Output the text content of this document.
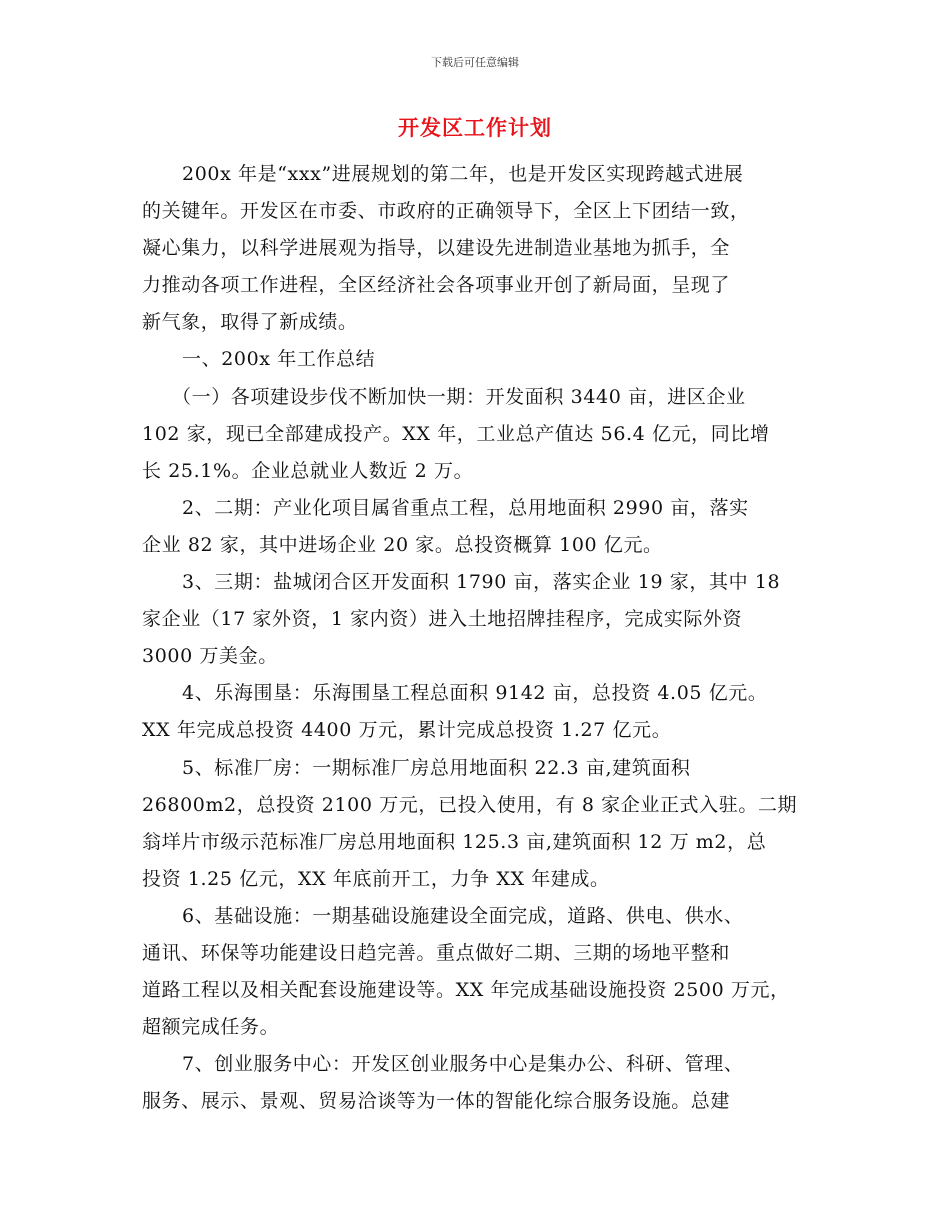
下载后可任意编辑
开发区工作计划
200x 年是“xxx”进展规划的第二年，也是开发区实现跨越式进展
的关键年。开发区在市委、市政府的正确领导下，全区上下团结一致，
凝心集力，以科学进展观为指导，以建设先进制造业基地为抓手，全
力推动各项工作进程，全区经济社会各项事业开创了新局面，呈现了
新气象，取得了新成绩。
一、200x 年工作总结
（一）各项建设步伐不断加快一期：开发面积 3440 亩，进区企业
102 家，现已全部建成投产。XX 年，工业总产值达 56.4 亿元，同比增
长 25.1%。企业总就业人数近 2 万。
2、二期：产业化项目属省重点工程，总用地面积 2990 亩，落实
企业 82 家，其中进场企业 20 家。总投资概算 100 亿元。
3、三期：盐城闭合区开发面积 1790 亩，落实企业 19 家，其中 18
家企业（17 家外资，1 家内资）进入土地招牌挂程序，完成实际外资
3000 万美金。
4、乐海围垦：乐海围垦工程总面积 9142 亩，总投资 4.05 亿元。
XX 年完成总投资 4400 万元，累计完成总投资 1.27 亿元。
5、标准厂房：一期标准厂房总用地面积 22.3 亩,建筑面积
26800m2，总投资 2100 万元，已投入使用，有 8 家企业正式入驻。二期
翁垟片市级示范标准厂房总用地面积 125.3 亩,建筑面积 12 万 m2，总
投资 1.25 亿元，XX 年底前开工，力争 XX 年建成。
6、基础设施：一期基础设施建设全面完成，道路、供电、供水、
通讯、环保等功能建设日趋完善。重点做好二期、三期的场地平整和
道路工程以及相关配套设施建设等。XX 年完成基础设施投资 2500 万元，
超额完成任务。
7、创业服务中心：开发区创业服务中心是集办公、科研、管理、
服务、展示、景观、贸易洽谈等为一体的智能化综合服务设施。总建
